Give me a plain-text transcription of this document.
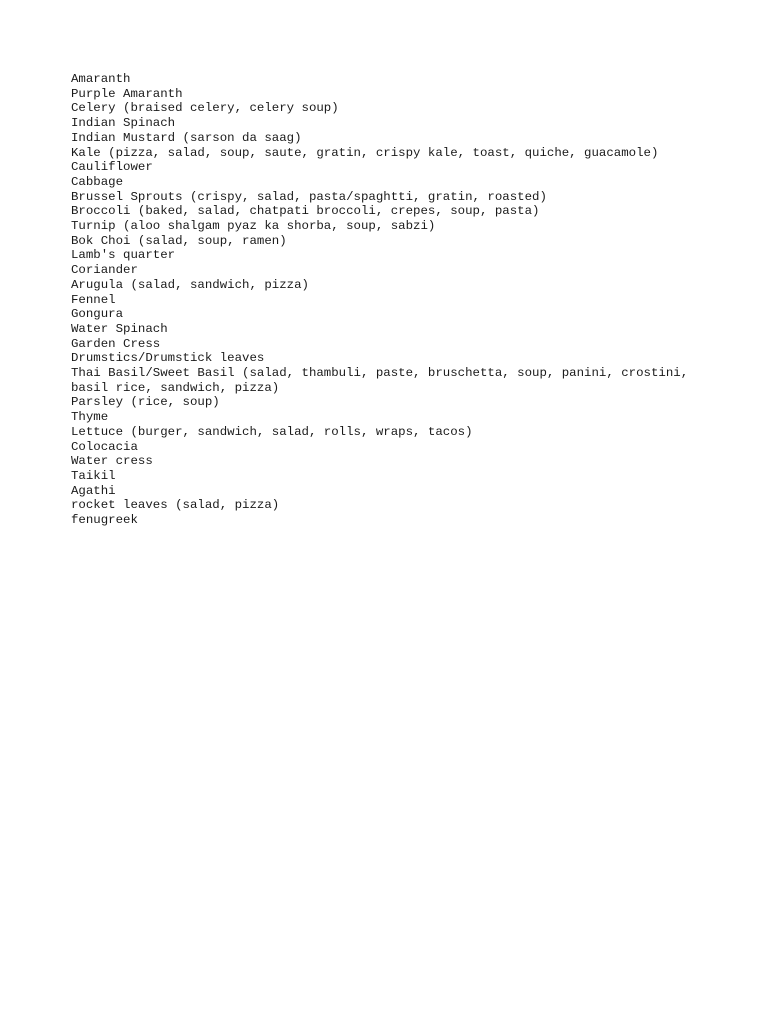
Amaranth
Purple Amaranth
Celery (braised celery, celery soup)
Indian Spinach
Indian Mustard (sarson da saag)
Kale (pizza, salad, soup, saute, gratin, crispy kale, toast, quiche, guacamole)
Cauliflower
Cabbage
Brussel Sprouts (crispy, salad, pasta/spaghtti, gratin, roasted)
Broccoli (baked, salad, chatpati broccoli, crepes, soup, pasta)
Turnip (aloo shalgam pyaz ka shorba, soup, sabzi)
Bok Choi (salad, soup, ramen)
Lamb's quarter
Coriander
Arugula (salad, sandwich, pizza)
Fennel
Gongura
Water Spinach
Garden Cress
Drumstics/Drumstick leaves
Thai Basil/Sweet Basil (salad, thambuli, paste, bruschetta, soup, panini, crostini,
basil rice, sandwich, pizza)
Parsley (rice, soup)
Thyme
Lettuce (burger, sandwich, salad, rolls, wraps, tacos)
Colocacia
Water cress
Taikil
Agathi
rocket leaves (salad, pizza)
fenugreek
